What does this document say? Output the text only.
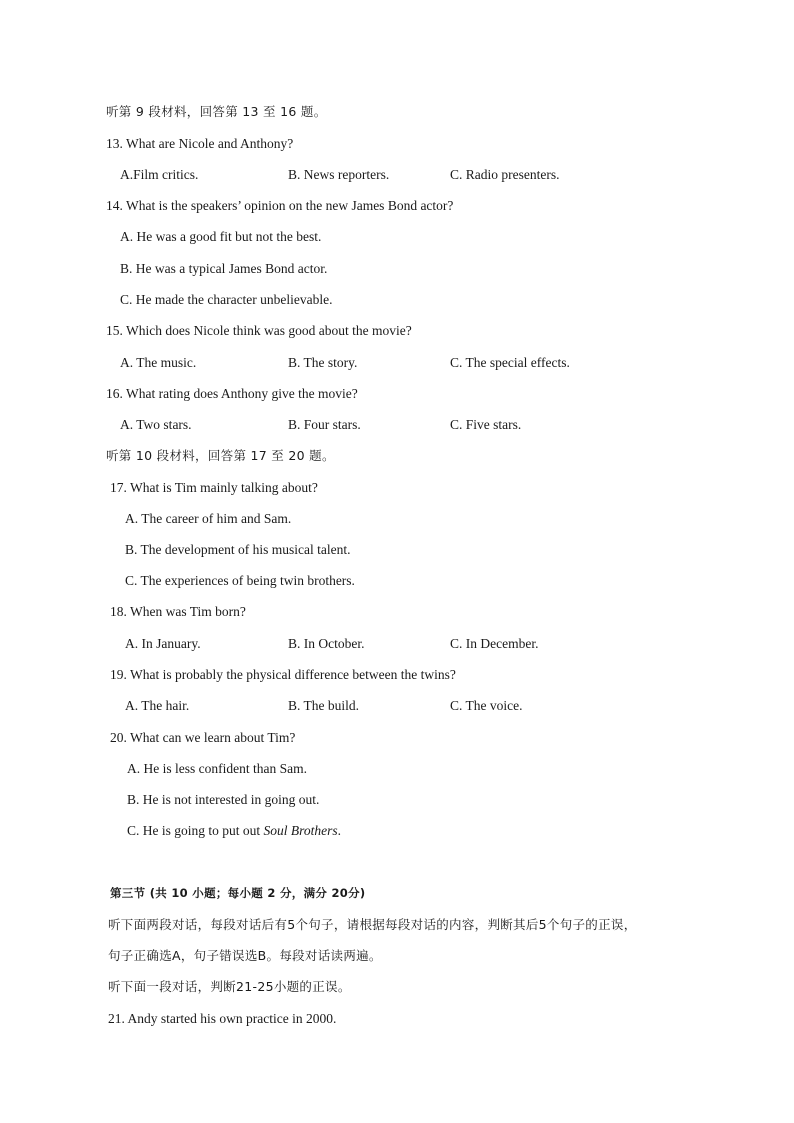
听第 9 段材料，回答第 13 至 16 题。
13. What are Nicole and Anthony?
A.Film critics.	B. News reporters.	C. Radio presenters.
14. What is the speakers’ opinion on the new James Bond actor?
A. He was a good fit but not the best.
B. He was a typical James Bond actor.
C. He made the character unbelievable.
15. Which does Nicole think was good about the movie?
A. The music.	B. The story.	C. The special effects.
16. What rating does Anthony give the movie?
A. Two stars.	B. Four stars.	C. Five stars.
听第 10 段材料，回答第 17 至 20 题。
17. What is Tim mainly talking about?
A. The career of him and Sam.
B. The development of his musical talent.
C. The experiences of being twin brothers.
18. When was Tim born?
A. In January.	B. In October.	C. In December.
19. What is probably the physical difference between the twins?
A. The hair.	B. The build.	C. The voice.
20. What can we learn about Tim?
A. He is less confident than Sam.
B. He is not interested in going out.
C. He is going to put out Soul Brothers.
第三节 (共 10 小题；每小题 2 分，满分 20分)
听下面两段对话，每段对话后有5个句子，请根据每段对话的内容，判断其后5个句子的正误，
句子正确选A，句子错误选B。每段对话读两遍。
听下面一段对话，判断21-25小题的正误。
21. Andy started his own practice in 2000.
